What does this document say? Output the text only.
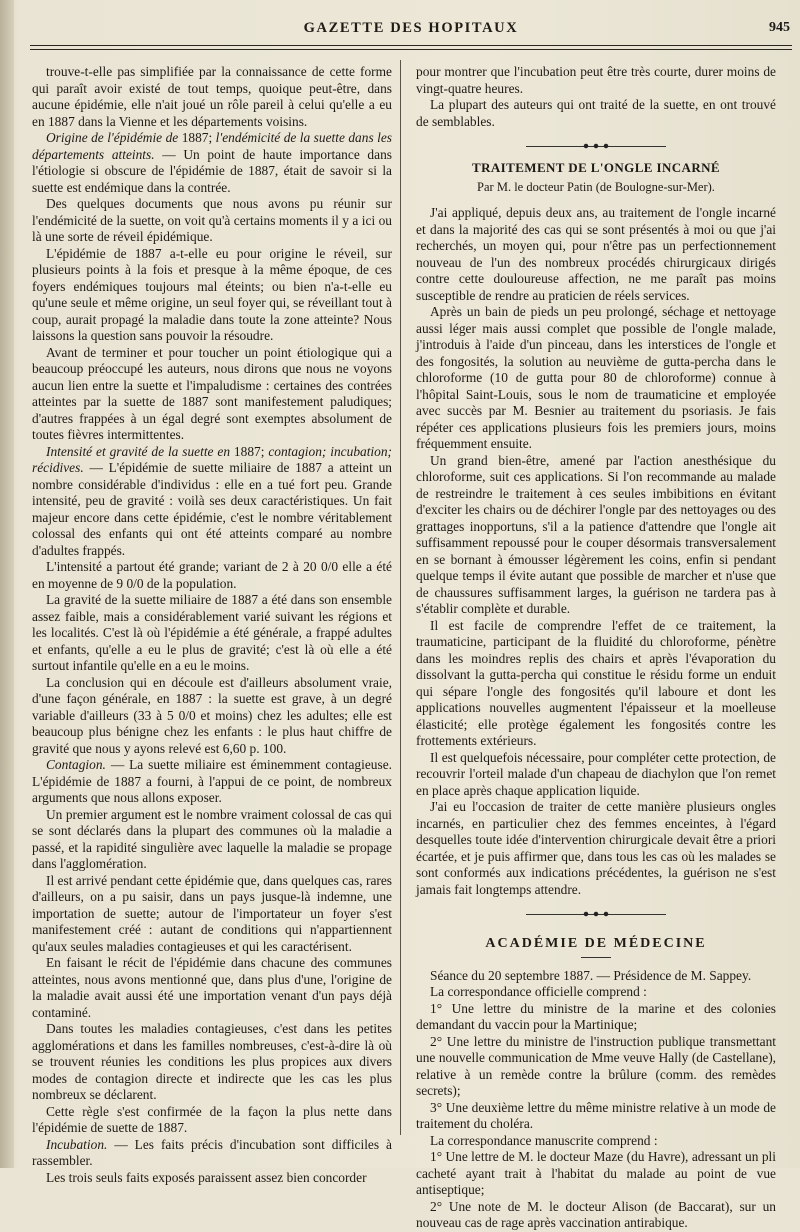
GAZETTE DES HOPITAUX	945

trouve-t-elle pas simplifiée par la connaissance de cette forme qui paraît avoir existé de tout temps, quoique peut-être, dans aucune épidémie, elle n'ait joué un rôle pareil à celui qu'elle a eu en 1887 dans la Vienne et les départements voisins.

Origine de l'épidémie de 1887; l'endémicité de la suette dans les départements atteints. — Un point de haute importance dans l'étiologie si obscure de l'épidémie de 1887, était de savoir si la suette est endémique dans la contrée.

Des quelques documents que nous avons pu réunir sur l'endémicité de la suette, on voit qu'à certains moments il y a ici ou là une sorte de réveil épidémique.

L'épidémie de 1887 a-t-elle eu pour origine le réveil, sur plusieurs points à la fois et presque à la même époque, de ces foyers endémiques toujours mal éteints; ou bien n'a-t-elle eu qu'une seule et même origine, un seul foyer qui, se réveillant tout à coup, aurait propagé la maladie dans toute la zone atteinte? Nous laissons la question sans pouvoir la résoudre.

Avant de terminer et pour toucher un point étiologique qui a beaucoup préoccupé les auteurs, nous dirons que nous ne voyons aucun lien entre la suette et l'impaludisme : certaines des contrées atteintes par la suette de 1887 sont manifestement paludiques; d'autres frappées à un égal degré sont exemptes absolument de toutes fièvres intermittentes.

Intensité et gravité de la suette en 1887; contagion; incubation; récidives. — L'épidémie de suette miliaire de 1887 a atteint un nombre considérable d'individus : elle en a tué fort peu. Grande intensité, peu de gravité : voilà ses deux caractéristiques. Un fait majeur encore dans cette épidémie, c'est le nombre véritablement colossal des enfants qui ont été atteints comparé au nombre d'adultes frappés.

L'intensité a partout été grande; variant de 2 à 20 0/0 elle a été en moyenne de 9 0/0 de la population.

La gravité de la suette miliaire de 1887 a été dans son ensemble assez faible, mais a considérablement varié suivant les régions et les localités. C'est là où l'épidémie a été générale, a frappé adultes et enfants, qu'elle a eu le plus de gravité; c'est là où elle a été surtout infantile qu'elle en a eu le moins.

La conclusion qui en découle est d'ailleurs absolument vraie, d'une façon générale, en 1887 : la suette est grave, à un degré variable d'ailleurs (33 à 5 0/0 et moins) chez les adultes; elle est beaucoup plus bénigne chez les enfants : le plus haut chiffre de gravité que nous y ayons relevé est 6,60 p. 100.

Contagion. — La suette miliaire est éminemment contagieuse. L'épidémie de 1887 a fourni, à l'appui de ce point, de nombreux arguments que nous allons exposer.

Un premier argument est le nombre vraiment colossal de cas qui se sont déclarés dans la plupart des communes où la maladie a passé, et la rapidité singulière avec laquelle la maladie se propage dans l'agglomération.

Il est arrivé pendant cette épidémie que, dans quelques cas, rares d'ailleurs, on a pu saisir, dans un pays jusque-là indemne, une importation de suette; autour de l'importateur un foyer s'est manifestement créé : autant de conditions qui n'appartiennent qu'aux seules maladies contagieuses et qui les caractérisent.

En faisant le récit de l'épidémie dans chacune des communes atteintes, nous avons mentionné que, dans plus d'une, l'origine de la maladie avait aussi été une importation venant d'un pays déjà contaminé.

Dans toutes les maladies contagieuses, c'est dans les petites agglomérations et dans les familles nombreuses, c'est-à-dire là où se trouvent réunies les conditions les plus propices aux divers modes de contagion directe et indirecte que les cas les plus nombreux se déclarent.

Cette règle s'est confirmée de la façon la plus nette dans l'épidémie de suette de 1887.

Incubation. — Les faits précis d'incubation sont difficiles à rassembler.

Les trois seuls faits exposés paraissent assez bien concorder

pour montrer que l'incubation peut être très courte, durer moins de vingt-quatre heures.

La plupart des auteurs qui ont traité de la suette, en ont trouvé de semblables.

TRAITEMENT DE L'ONGLE INCARNÉ
Par M. le docteur Patin (de Boulogne-sur-Mer).

J'ai appliqué, depuis deux ans, au traitement de l'ongle incarné et dans la majorité des cas qui se sont présentés à moi ou que j'ai recherchés, un moyen qui, pour n'être pas un perfectionnement nouveau de l'un des nombreux procédés chirurgicaux dirigés contre cette douloureuse affection, ne me paraît pas moins susceptible de rendre au praticien de réels services.

Après un bain de pieds un peu prolongé, séchage et nettoyage aussi léger mais aussi complet que possible de l'ongle malade, j'introduis à l'aide d'un pinceau, dans les interstices de l'ongle et des fongosités, la solution au neuvième de gutta-percha dans le chloroforme (10 de gutta pour 80 de chloroforme) connue à l'hôpital Saint-Louis, sous le nom de traumaticine et employée avec succès par M. Besnier au traitement du psoriasis. Je fais répéter ces applications plusieurs fois les premiers jours, moins fréquemment ensuite.

Un grand bien-être, amené par l'action anesthésique du chloroforme, suit ces applications. Si l'on recommande au malade de restreindre le traitement à ces seules imbibitions en évitant d'exciter les chairs ou de déchirer l'ongle par des nettoyages ou des grattages inopportuns, s'il a la patience d'attendre que l'ongle ait suffisamment repoussé pour le couper désormais transversalement en se bornant à émousser légèrement les coins, enfin si pendant quelque temps il évite autant que possible de marcher et n'use que de chaussures suffisamment larges, la guérison ne tardera pas à s'établir complète et durable.

Il est facile de comprendre l'effet de ce traitement, la traumaticine, participant de la fluidité du chloroforme, pénètre dans les moindres replis des chairs et après l'évaporation du dissolvant la gutta-percha qui constitue le résidu forme un enduit qui sépare l'ongle des fongosités qu'il laboure et dont les applications nouvelles augmentent l'épaisseur et la moelleuse élasticité; elle protège également les fongosités contre les frottements extérieurs.

Il est quelquefois nécessaire, pour compléter cette protection, de recouvrir l'orteil malade d'un chapeau de diachylon que l'on remet en place après chaque application liquide.

J'ai eu l'occasion de traiter de cette manière plusieurs ongles incarnés, en particulier chez des femmes enceintes, à l'égard desquelles toute idée d'intervention chirurgicale devait être a priori écartée, et je puis affirmer que, dans tous les cas où les malades se sont conformés aux indications précédentes, la guérison ne s'est jamais fait longtemps attendre.

ACADÉMIE DE MÉDECINE

Séance du 20 septembre 1887. — Présidence de M. Sappey.

La correspondance officielle comprend :

1° Une lettre du ministre de la marine et des colonies demandant du vaccin pour la Martinique;

2° Une lettre du ministre de l'instruction publique transmettant une nouvelle communication de Mme veuve Hally (de Castellane), relative à un remède contre la brûlure (comm. des remèdes secrets);

3° Une deuxième lettre du même ministre relative à un mode de traitement du choléra.

La correspondance manuscrite comprend :

1° Une lettre de M. le docteur Maze (du Havre), adressant un pli cacheté ayant trait à l'habitat du malade au point de vue antiseptique;

2° Une note de M. le docteur Alison (de Baccarat), sur un nouveau cas de rage après vaccination antirabique.
